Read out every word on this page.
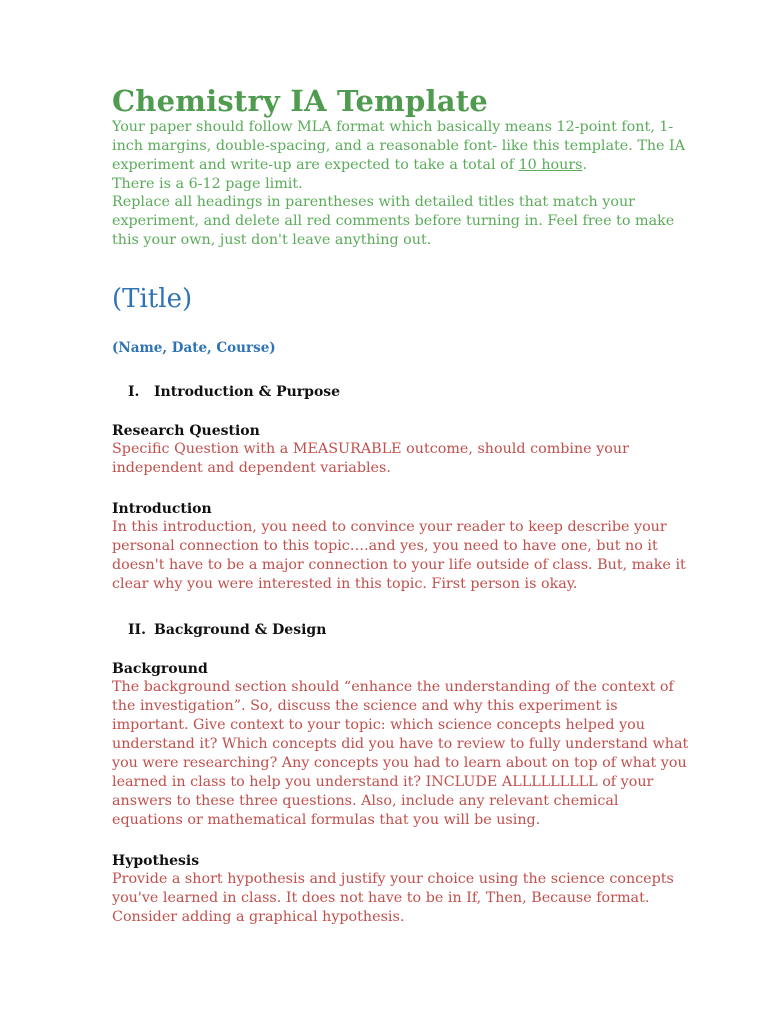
Chemistry IA Template

Your paper should follow MLA format which basically means 12-point font, 1-inch margins, double-spacing, and a reasonable font- like this template. The IA experiment and write-up are expected to take a total of 10 hours.

There is a 6-12 page limit.

Replace all headings in parentheses with detailed titles that match your experiment, and delete all red comments before turning in. Feel free to make this your own, just don't leave anything out.

(Title)
(Name, Date, Course)
I.	Introduction & Purpose
Research Question
Specific Question with a MEASURABLE outcome, should combine your independent and dependent variables.
Introduction
In this introduction, you need to convince your reader to keep describe your personal connection to this topic….and yes, you need to have one, but no it doesn't have to be a major connection to your life outside of class. But, make it clear why you were interested in this topic. First person is okay.
II. Background & Design
Background
The background section should “enhance the understanding of the context of the investigation”. So, discuss the science and why this experiment is important. Give context to your topic: which science concepts helped you understand it? Which concepts did you have to review to fully understand what you were researching? Any concepts you had to learn about on top of what you learned in class to help you understand it? INCLUDE ALLLLLLLLL of your answers to these three questions. Also, include any relevant chemical equations or mathematical formulas that you will be using.
Hypothesis
Provide a short hypothesis and justify your choice using the science concepts you've learned in class. It does not have to be in If, Then, Because format. Consider adding a graphical hypothesis.
